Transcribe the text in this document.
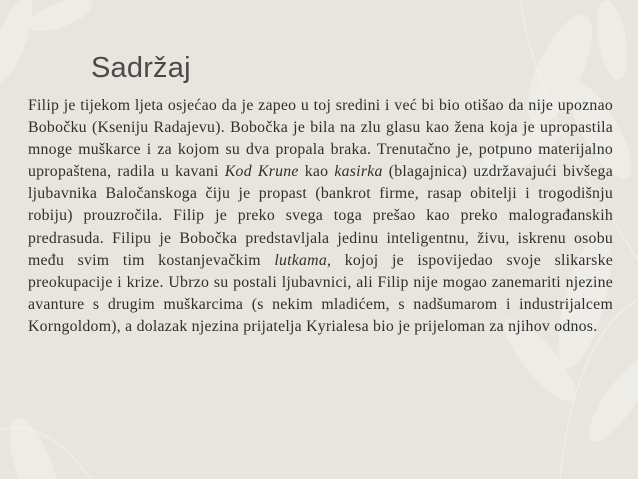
Sadržaj

Filip je tijekom ljeta osjećao da je zapeo u toj sredini i već bi bio otišao da nije upoznao Bobočku (Kseniju Radajevu). Bobočka je bila na zlu glasu kao žena koja je upropastila mnoge muškarce i za kojom su dva propala braka. Trenutačno je, potpuno materijalno upropaštena, radila u kavani Kod Krune kao kasirka (blagajnica) uzdržavajući bivšega ljubavnika Baločanskoga čiju je propast (bankrot firme, rasap obitelji i trogodišnju robiju) prouzročila. Filip je preko svega toga prešao kao preko malograđanskih predrasuda. Filipu je Bobočka predstavljala jedinu inteligentnu, živu, iskrenu osobu među svim tim kostanjevačkim lutkama, kojoj je ispovijedao svoje slikarske preokupacije i krize. Ubrzo su postali ljubavnici, ali Filip nije mogao zanemariti njezine avanture s drugim muškarcima (s nekim mladićem, s nadšumarom i industrijalcem Korngoldom), a dolazak njezina prijatelja Kyrialesa bio je prijeloman za njihov odnos.
